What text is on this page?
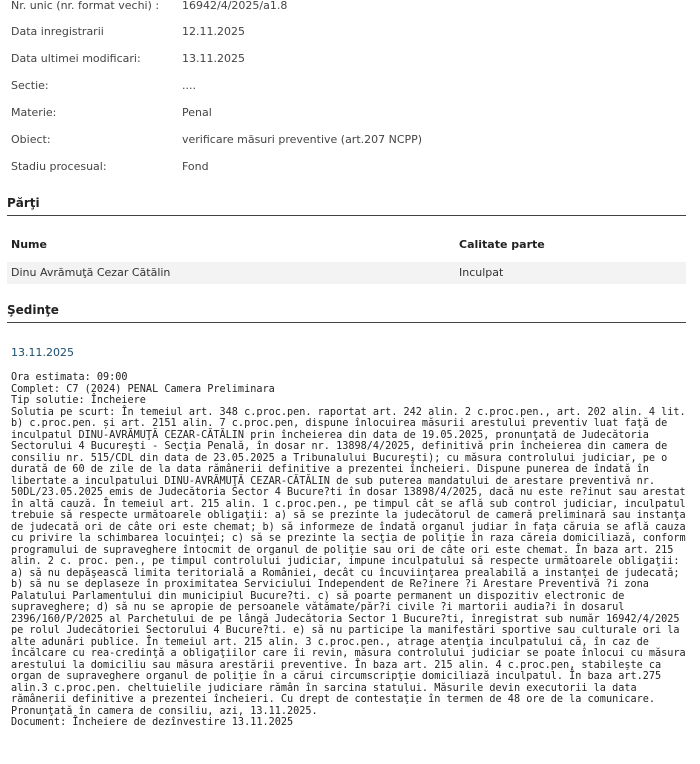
Nr. unic (nr. format vechi) : 16942/4/2025/a1.8
Data inregistrarii	12.11.2025
Data ultimei modificari:	13.11.2025
Sectie:	....
Materie:	Penal
Obiect:	verificare măsuri preventive (art.207 NCPP)
Stadiu procesual:	Fond
Părţi
Nume	Calitate parte
Dinu Avrămuţă Cezar Cătălin	Inculpat
Şedinţe
13.11.2025
Ora estimata: 09:00
Complet: C7 (2024) PENAL Camera Preliminara
Tip solutie: Încheiere
Solutia pe scurt: În temeiul art. 348 c.proc.pen. raportat art. 242 alin. 2 c.proc.pen., art. 202 alin. 4 lit. b) c.proc.pen. și art. 2151 alin. 7 c.proc.pen, dispune înlocuirea măsurii arestului preventiv luat faţă de inculpatul DINU-AVRĂMUŢĂ CEZAR-CĂTĂLIN prin încheierea din data de 19.05.2025, pronunţată de Judecătoria Sectorului 4 Bucureşti - Secţia Penală, în dosar nr. 13898/4/2025, definitivă prin încheierea din camera de consiliu nr. 515/CDL din data de 23.05.2025 a Tribunalului Bucureşti); cu măsura controlului judiciar, pe o durată de 60 de zile de la data rămânerii definitive a prezentei încheieri. Dispune punerea de îndată în libertate a inculpatului DINU-AVRĂMUŢĂ CEZAR-CĂTĂLIN de sub puterea mandatului de arestare preventivă nr. 50DL/23.05.2025 emis de Judecătoria Sector 4 Bucure?ti în dosar 13898/4/2025, dacă nu este re?inut sau arestat în altă cauză. În temeiul art. 215 alin. 1 c.proc.pen., pe timpul cât se află sub control judiciar, inculpatul trebuie să respecte următoarele obligaţii: a) să se prezinte la judecătorul de cameră preliminară sau instanţa de judecată ori de câte ori este chemat; b) să informeze de îndată organul judiar în faţa căruia se află cauza cu privire la schimbarea locuinţei; c) să se prezinte la secţia de poliţie în raza căreia domiciliază, conform programului de supraveghere întocmit de organul de poliţie sau ori de câte ori este chemat. În baza art. 215 alin. 2 c. proc. pen., pe timpul controlului judiciar, impune inculpatului să respecte următoarele obligaţii: a) să nu depăşească limita teritorială a României, decât cu încuviinţarea prealabilă a instanţei de judecată; b) să nu se deplaseze în proximitatea Serviciului Independent de Re?inere ?i Arestare Preventivă ?i zona Palatului Parlamentului din municipiul Bucure?ti. c) să poarte permanent un dispozitiv electronic de supraveghere; d) să nu se apropie de persoanele vătămate/păr?i civile ?i martorii audia?i în dosarul 2396/160/P/2025 al Parchetului de pe lângă Judecătoria Sector 1 Bucure?ti, înregistrat sub număr 16942/4/2025 pe rolul Judecătoriei Sectorului 4 Bucure?ti. e) să nu participe la manifestări sportive sau culturale ori la alte adunări publice. În temeiul art. 215 alin. 3 c.proc.pen., atrage atenţia inculpatului că, în caz de încălcare cu rea-credinţă a obligaţiilor care îi revin, măsura controlului judiciar se poate înlocui cu măsura arestului la domiciliu sau măsura arestării preventive. În baza art. 215 alin. 4 c.proc.pen, stabileşte ca organ de supraveghere organul de poliţie în a cărui circumscripţie domiciliază inculpatul. În baza art.275 alin.3 c.proc.pen. cheltuielile judiciare rămân în sarcina statului. Măsurile devin executorii la data rămânerii definitive a prezentei încheieri. Cu drept de contestaţie în termen de 48 ore de la comunicare. Pronunţată în camera de consiliu, azi, 13.11.2025.
Document: Încheiere de dezînvestire 13.11.2025
